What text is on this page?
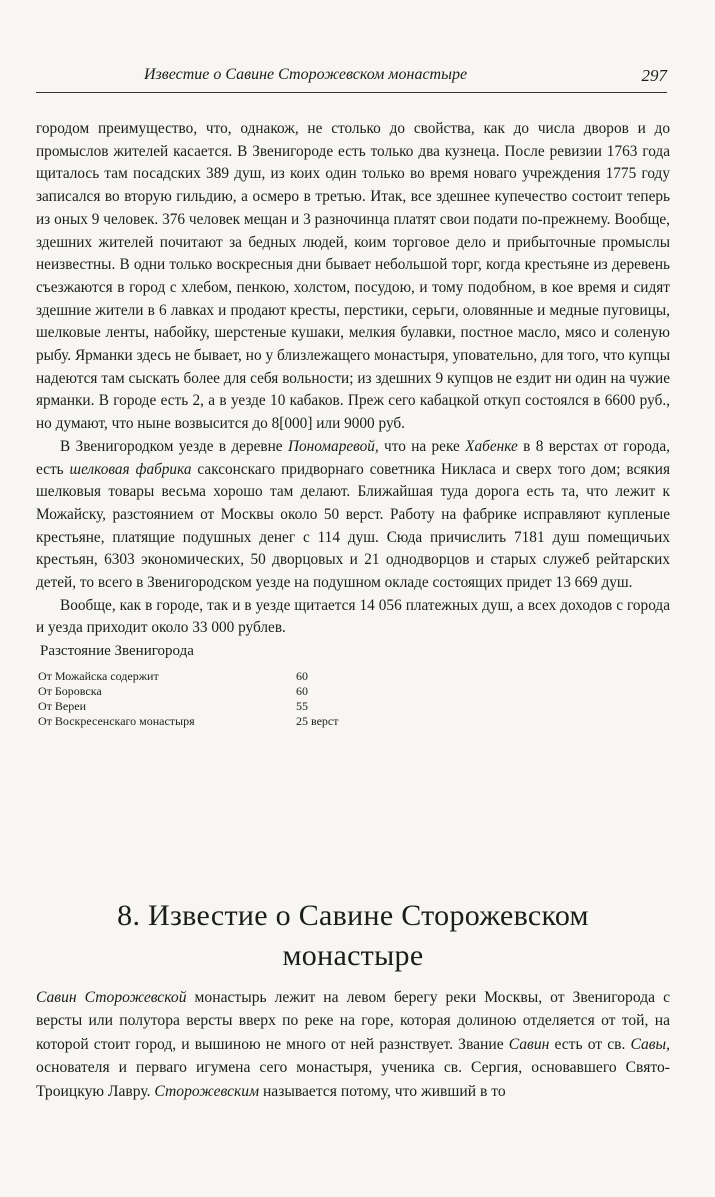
Известие о Савине Сторожевском монастыре	297

городом преимущество, что, однакож, не столько до свойства, как до числа дворов и до промыслов жителей касается. В Звенигороде есть только два кузнеца. После ревизии 1763 года щиталось там посадских 389 душ, из коих один только во время новаго учреждения 1775 году записался во вторую гильдию, а осмеро в третью. Итак, все здешнее купечество состоит теперь из оных 9 человек. 376 человек мещан и 3 разночинца платят свои подати по-прежнему. Вообще, здешних жителей почитают за бедных людей, коим торговое дело и прибыточные промыслы неизвестны. В одни только воскресныя дни бывает небольшой торг, когда крестьяне из деревень съезжаются в город с хлебом, пенкою, холстом, посудою, и тому подобном, в кое время и сидят здешние жители в 6 лавках и продают кресты, перстики, серьги, оловянные и медные пуговицы, шелковые ленты, набойку, шерстеные кушаки, мелкия булавки, постное масло, мясо и соленую рыбу. Ярманки здесь не бывает, но у близлежащего монастыря, уповательно, для того, что купцы надеются там сыскать более для себя вольности; из здешних 9 купцов не ездит ни один на чужие ярманки. В городе есть 2, а в уезде 10 кабаков. Преж сего кабацкой откуп состоялся в 6600 руб., но думают, что ныне возвысится до 8[000] или 9000 руб.

В Звенигородком уезде в деревне Пономаревой, что на реке Хабенке в 8 верстах от города, есть шелковая фабрика саксонскаго придворнаго советника Никласа и сверх того дом; всякия шелковыя товары весьма хорошо там делают. Ближайшая туда дорога есть та, что лежит к Можайску, разстоянием от Москвы около 50 верст. Работу на фабрике исправляют купленые крестьяне, платящие подушных денег с 114 душ. Сюда причислить 7181 душ помещичьих крестьян, 6303 экономических, 50 дворцовых и 21 однодворцов и старых служеб рейтарских детей, то всего в Звенигородском уезде на подушном окладе состоящих придет 13 669 душ.

Вообще, как в городе, так и в уезде щитается 14 056 платежных душ, а всех доходов с города и уезда приходит около 33 000 рублев.

Разстояние Звенигорода
От Можайска содержит	60
От Боровска	60
От Вереи	55
От Воскресенскаго монастыря	25 верст
8. Известие о Савине Сторожевском
монастыре

Савин Сторожевской монастырь лежит на левом берегу реки Москвы, от Звенигорода с версты или полутора версты вверх по реке на горе, которая долиною отделяется от той, на которой стоит город, и вышиною не много от ней разнствует. Звание Савин есть от св. Савы, основателя и перваго игумена сего монастыря, ученика св. Сергия, основавшего Свято-Троицкую Лавру. Сторожевским называется потому, что живший в то
